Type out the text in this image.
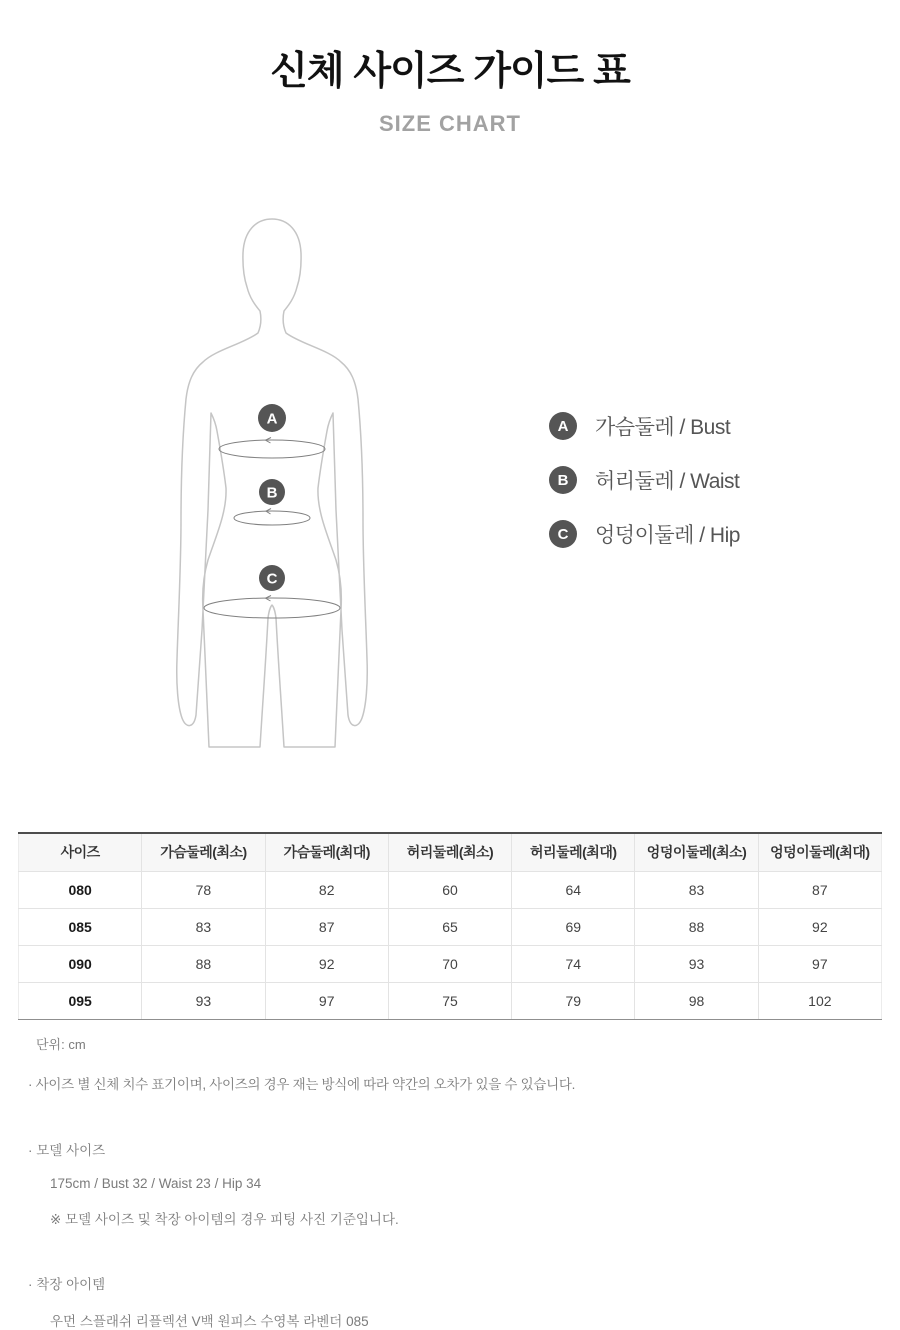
신체 사이즈 가이드 표
SIZE CHART
A
B
C
A	가슴둘레 / Bust
B	허리둘레 / Waist
C	엉덩이둘레 / Hip
사이즈	가슴둘레(최소)	가슴둘레(최대)	허리둘레(최소)	허리둘레(최대)	엉덩이둘레(최소)	엉덩이둘레(최대)
080	78	82	60	64	83	87
085	83	87	65	69	88	92
090	88	92	70	74	93	97
095	93	97	75	79	98	102
단위: cm
· 사이즈 별 신체 치수 표기이며, 사이즈의 경우 재는 방식에 따라 약간의 오차가 있을 수 있습니다.
· 모델 사이즈
175cm / Bust 32 / Waist 23 / Hip 34
※ 모델 사이즈 및 착장 아이템의 경우 피팅 사진 기준입니다.
· 착장 아이템
우먼 스플래쉬 리플렉션 V백 원피스 수영복 라벤더 085
